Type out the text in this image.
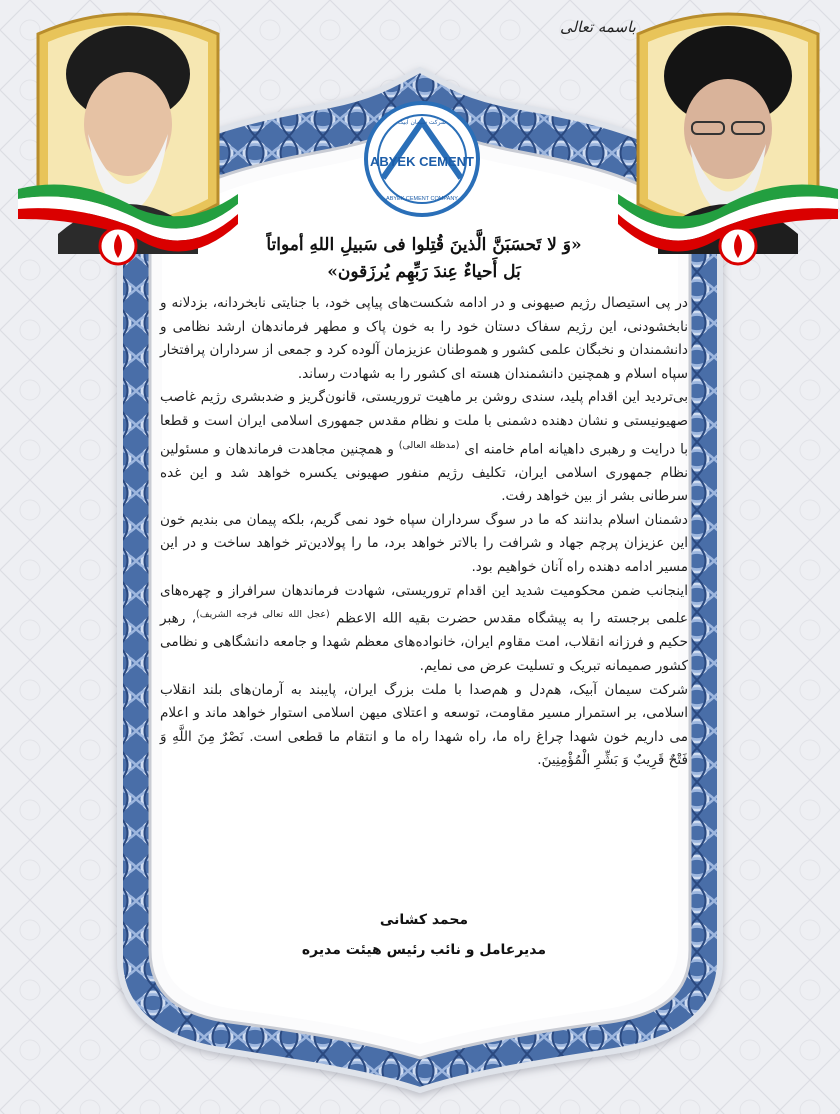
باسمه تعالی
ABYEK CEMENT
ABYEK CEMENT COMPANY
شرکت سیمان آبیک
«وَ لا تَحسَبَنَّ الَّذینَ قُتِلوا فی سَبیلِ اللهِ أمواتاً
بَل أَحیاءٌ عِندَ رَبِّهِم یُرزَقون»

در پی استیصال رژیم صیهونی و در ادامه شکست‌های پیاپی خود، با جنایتی نابخردانه، بزدلانه و نابخشودنی، این رژیم سفاک دستان خود را به خون پاک و مطهر فرماندهان ارشد نظامی و دانشمندان و نخبگان علمی کشور و هموطنان عزیزمان آلوده کرد و جمعی از سرداران پرافتخار سپاه اسلام و همچنین دانشمندان هسته ای کشور را به شهادت رساند.

بی‌تردید این اقدام پلید، سندی روشن بر ماهیت تروریستی، قانون‌گریز و ضدبشری رژیم غاصب صهیونیستی و نشان دهنده دشمنی با ملت و نظام مقدس جمهوری اسلامی ایران است و قطعا با درایت و رهبری داهیانه امام خامنه ای $^{(مدظله العالی)}$ و همچنین مجاهدت فرماندهان و مسئولین نظام جمهوری اسلامی ایران، تکلیف رژیم منفور صهیونی یکسره خواهد شد و این غده سرطانی بشر از بین خواهد رفت.

دشمنان اسلام بدانند که ما در سوگ سرداران سپاه خود نمی گریم، بلکه پیمان می بندیم خون این عزیزان پرچم جهاد و شرافت را بالاتر خواهد برد، ما را پولادین‌تر خواهد ساخت و در این مسیر ادامه دهنده راه آنان خواهیم بود.

اینجانب ضمن محکومیت شدید این اقدام تروریستی، شهادت فرماندهان سرافراز و چهره‌های علمی برجسته را به پیشگاه مقدس حضرت بقیه الله الاعظم $^{(عجل الله تعالی فرجه الشریف)}$، رهبر حکیم و فرزانه انقلاب، امت مقاوم ایران، خانواده‌های معظم شهدا و جامعه دانشگاهی و نظامی کشور صمیمانه تبریک و تسلیت عرض می نمایم.

شرکت سیمان آبیک، هم‌دل و هم‌صدا با ملت بزرگ ایران، پایبند به آرمان‌های بلند انقلاب اسلامی، بر استمرار مسیر مقاومت، توسعه و اعتلای میهن اسلامی استوار خواهد ماند و اعلام می داریم خون شهدا چراغ راه ما، راه شهدا راه ما و انتقام ما قطعی است. نَصْرٌ مِنَ اللَّهِ وَ فَتْحٌ قَرِیبٌ وَ بَشِّرِ الْمُؤْمِنِینَ.

محمد کشانی
مدیرعامل و نائب رئیس هیئت مدیره
